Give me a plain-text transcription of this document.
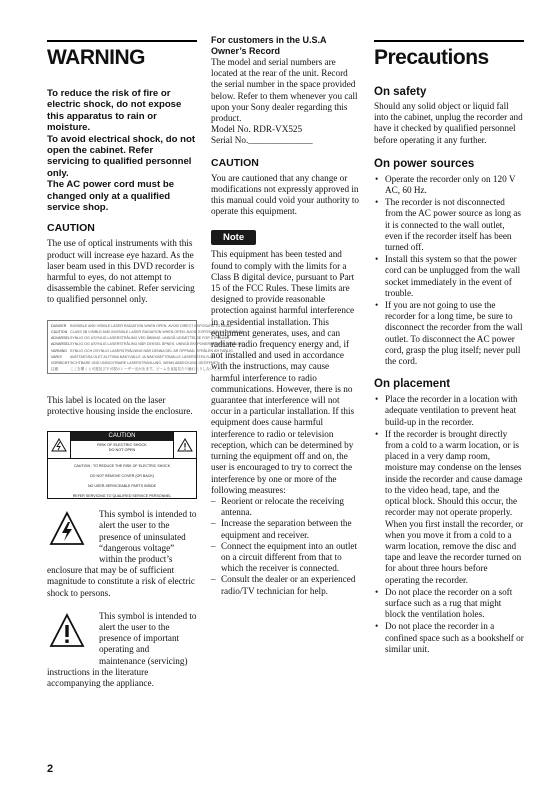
WARNING
To reduce the risk of fire or electric shock, do not expose this apparatus to rain or moisture.
To avoid electrical shock, do not open the cabinet. Refer servicing to qualified personnel only.
The AC power cord must be changed only at a qualified service shop.
CAUTION
The use of optical instruments with this product will increase eye hazard. As the laser beam used in this DVD recorder is harmful to eyes, do not attempt to disassemble the cabinet. Refer servicing to qualified personnel only.
DANGER INVISIBLE AND VISIBLE LASER RADIATION WHEN OPEN. AVOID DIRECT EXPOSURE TO BEAM
CAUTION CLASS 3B VISIBLE AND INVISIBLE LASER RADIATION WHEN OPEN. AVOID EXPOSURE TO THE BEAM.
ADVARSEL SYNLIG OG USYNLIG LASERSTRÅLING VED ÅBNING. UNDGÅ UDSÆTTELSE FOR STRÅLING.
ADVARSEL SYNLIG OG USYNLIG LASERSTRÅLING NÅR DEKSEL ÅPNES. UNNGÅ EKSPONERING FOR STRÅLEN.
VARNING SYNLIG OCH OSYNLIG LASERSTRÅLNING NÄR DENNA DEL ÄR ÖPPNAD. STRÅLEN ÄR FARLIG.
VARO!	AVATTAESSA OLET ALTTIINA NÄKYVÄLLE JA NÄKYMÄTTÖMÄLLE LASERSÄTEILYLLE.
VORSICHT SICHTBARE UND UNSICHTBARE LASERSTRAHLUNG, WENN ABDECKUNG GEÖFFNET.
注意	ここを開くと可視及び不可視のレーザー光が出ます。ビームを直接見たり触れたりしないこと。
This label is located on the laser protective housing inside the enclosure.
CAUTION
RISK OF ELECTRIC SHOCK
DO NOT OPEN
CAUTION : TO REDUCE THE RISK OF ELECTRIC SHOCK
DO NOT REMOVE COVER (OR BACK)
NO USER-SERVICEABLE PARTS INSIDE
REFER SERVICING TO QUALIFIED SERVICE PERSONNEL
This symbol is intended to alert the user to the presence of uninsulated “dangerous voltage” within the product’s
enclosure that may be of sufficient magnitude to constitute a risk of electric shock to persons.
This symbol is intended to alert the user to the presence of important operating and maintenance (servicing)
instructions in the literature accompanying the appliance.
For customers in the U.S.A
Owner’s Record
The model and serial numbers are located at the rear of the unit. Record the serial number in the space provided below. Refer to them whenever you call upon your Sony dealer regarding this product.
Model No. RDR-VX525
Serial No.______________
CAUTION
You are cautioned that any change or modifications not expressly approved in this manual could void your authority to operate this equipment.
Note
This equipment has been tested and found to comply with the limits for a Class B digital device, pursuant to Part 15 of the FCC Rules. These limits are designed to provide reasonable protection against harmful interference in a residential installation. This equipment generates, uses, and can radiate radio frequency energy and, if not installed and used in accordance with the instructions, may cause harmful interference to radio communications. However, there is no guarantee that interference will not occur in a particular installation. If this equipment does cause harmful interference to radio or television reception, which can be determined by turning the equipment off and on, the user is encouraged to try to correct the interference by one or more of the following measures:
– Reorient or relocate the receiving antenna.
– Increase the separation between the equipment and receiver.
– Connect the equipment into an outlet on a circuit different from that to which the receiver is connected.
– Consult the dealer or an experienced radio/TV technician for help.
Precautions
On safety
Should any solid object or liquid fall into the cabinet, unplug the recorder and have it checked by qualified personnel before operating it any further.
On power sources
• Operate the recorder only on 120 V AC, 60 Hz.
• The recorder is not disconnected from the AC power source as long as it is connected to the wall outlet, even if the recorder itself has been turned off.
• Install this system so that the power cord can be unplugged from the wall socket immediately in the event of trouble.
• If you are not going to use the recorder for a long time, be sure to disconnect the recorder from the wall outlet. To disconnect the AC power cord, grasp the plug itself; never pull the cord.
On placement
• Place the recorder in a location with adequate ventilation to prevent heat build-up in the recorder.
• If the recorder is brought directly from a cold to a warm location, or is placed in a very damp room, moisture may condense on the lenses inside the recorder and cause damage to the video head, tape, and the optical block. Should this occur, the recorder may not operate properly. When you first install the recorder, or when you move it from a cold to a warm location, remove the disc and tape and leave the recorder turned on for about three hours before operating the recorder.
• Do not place the recorder on a soft surface such as a rug that might block the ventilation holes.
• Do not place the recorder in a confined space such as a bookshelf or similar unit.
2
